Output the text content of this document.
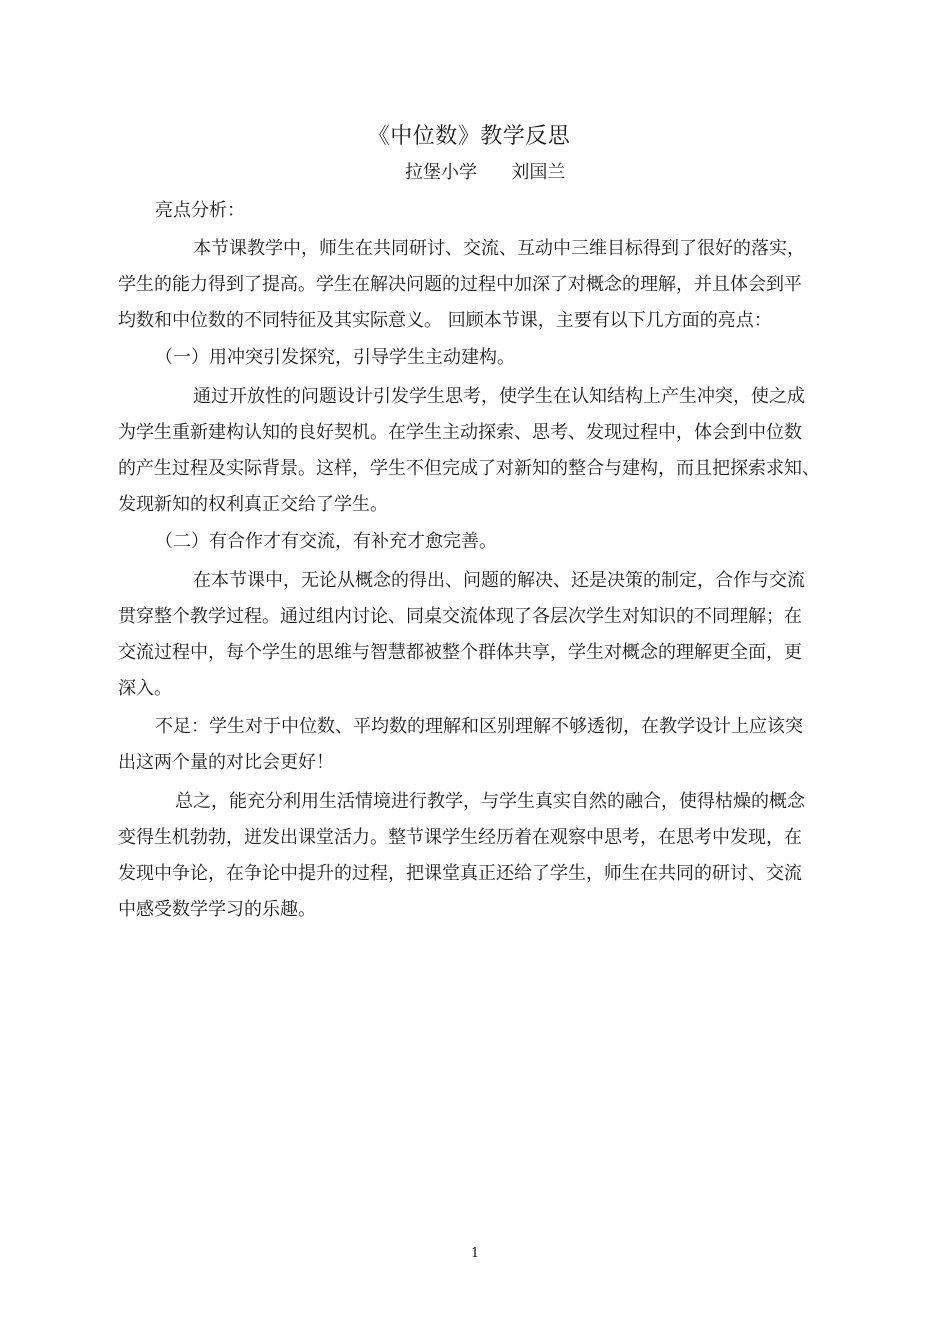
《中位数》教学反思
拉堡小学      刘国兰
亮点分析：
本节课教学中，师生在共同研讨、交流、互动中三维目标得到了很好的落实，
学生的能力得到了提高。学生在解决问题的过程中加深了对概念的理解，并且体会到平
均数和中位数的不同特征及其实际意义。 回顾本节课，主要有以下几方面的亮点：
（一）用冲突引发探究，引导学生主动建构。
通过开放性的问题设计引发学生思考，使学生在认知结构上产生冲突，使之成
为学生重新建构认知的良好契机。在学生主动探索、思考、发现过程中，体会到中位数
的产生过程及实际背景。这样，学生不但完成了对新知的整合与建构，而且把探索求知、
发现新知的权利真正交给了学生。
（二）有合作才有交流，有补充才愈完善。
在本节课中，无论从概念的得出、问题的解决、还是决策的制定，合作与交流
贯穿整个教学过程。通过组内讨论、同桌交流体现了各层次学生对知识的不同理解；在
交流过程中，每个学生的思维与智慧都被整个群体共享，学生对概念的理解更全面，更
深入。
不足：学生对于中位数、平均数的理解和区别理解不够透彻，在教学设计上应该突
出这两个量的对比会更好！
总之，能充分利用生活情境进行教学，与学生真实自然的融合，使得枯燥的概念
变得生机勃勃，迸发出课堂活力。整节课学生经历着在观察中思考，在思考中发现，在
发现中争论，在争论中提升的过程，把课堂真正还给了学生，师生在共同的研讨、交流
中感受数学学习的乐趣。
1
